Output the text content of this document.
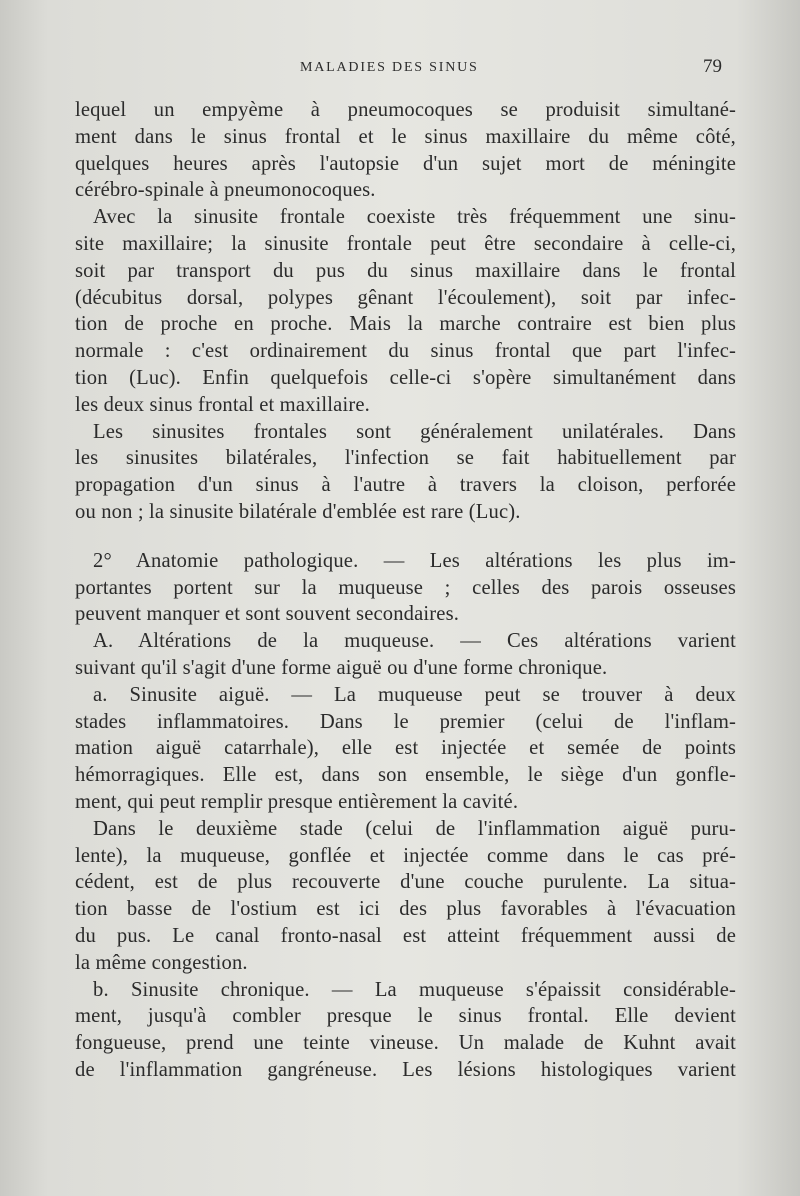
MALADIES DES SINUS	79
lequel un empyème à pneumocoques se produisit simultané-
ment dans le sinus frontal et le sinus maxillaire du même côté,
quelques heures après l'autopsie d'un sujet mort de méningite
cérébro-spinale à pneumonocoques.
Avec la sinusite frontale coexiste très fréquemment une sinu-
site maxillaire; la sinusite frontale peut être secondaire à celle-ci,
soit par transport du pus du sinus maxillaire dans le frontal
(décubitus dorsal, polypes gênant l'écoulement), soit par infec-
tion de proche en proche. Mais la marche contraire est bien plus
normale : c'est ordinairement du sinus frontal que part l'infec-
tion (Luc). Enfin quelquefois celle-ci s'opère simultanément dans
les deux sinus frontal et maxillaire.
Les sinusites frontales sont généralement unilatérales. Dans
les sinusites bilatérales, l'infection se fait habituellement par
propagation d'un sinus à l'autre à travers la cloison, perforée
ou non ; la sinusite bilatérale d'emblée est rare (Luc).
2° Anatomie pathologique. — Les altérations les plus im-
portantes portent sur la muqueuse ; celles des parois osseuses
peuvent manquer et sont souvent secondaires.
A. Altérations de la muqueuse. — Ces altérations varient
suivant qu'il s'agit d'une forme aiguë ou d'une forme chronique.
a. Sinusite aiguë. — La muqueuse peut se trouver à deux
stades inflammatoires. Dans le premier (celui de l'inflam-
mation aiguë catarrhale), elle est injectée et semée de points
hémorragiques. Elle est, dans son ensemble, le siège d'un gonfle-
ment, qui peut remplir presque entièrement la cavité.
Dans le deuxième stade (celui de l'inflammation aiguë puru-
lente), la muqueuse, gonflée et injectée comme dans le cas pré-
cédent, est de plus recouverte d'une couche purulente. La situa-
tion basse de l'ostium est ici des plus favorables à l'évacuation
du pus. Le canal fronto-nasal est atteint fréquemment aussi de
la même congestion.
b. Sinusite chronique. — La muqueuse s'épaissit considérable-
ment, jusqu'à combler presque le sinus frontal. Elle devient
fongueuse, prend une teinte vineuse. Un malade de Kuhnt avait
de l'inflammation gangréneuse. Les lésions histologiques varient
